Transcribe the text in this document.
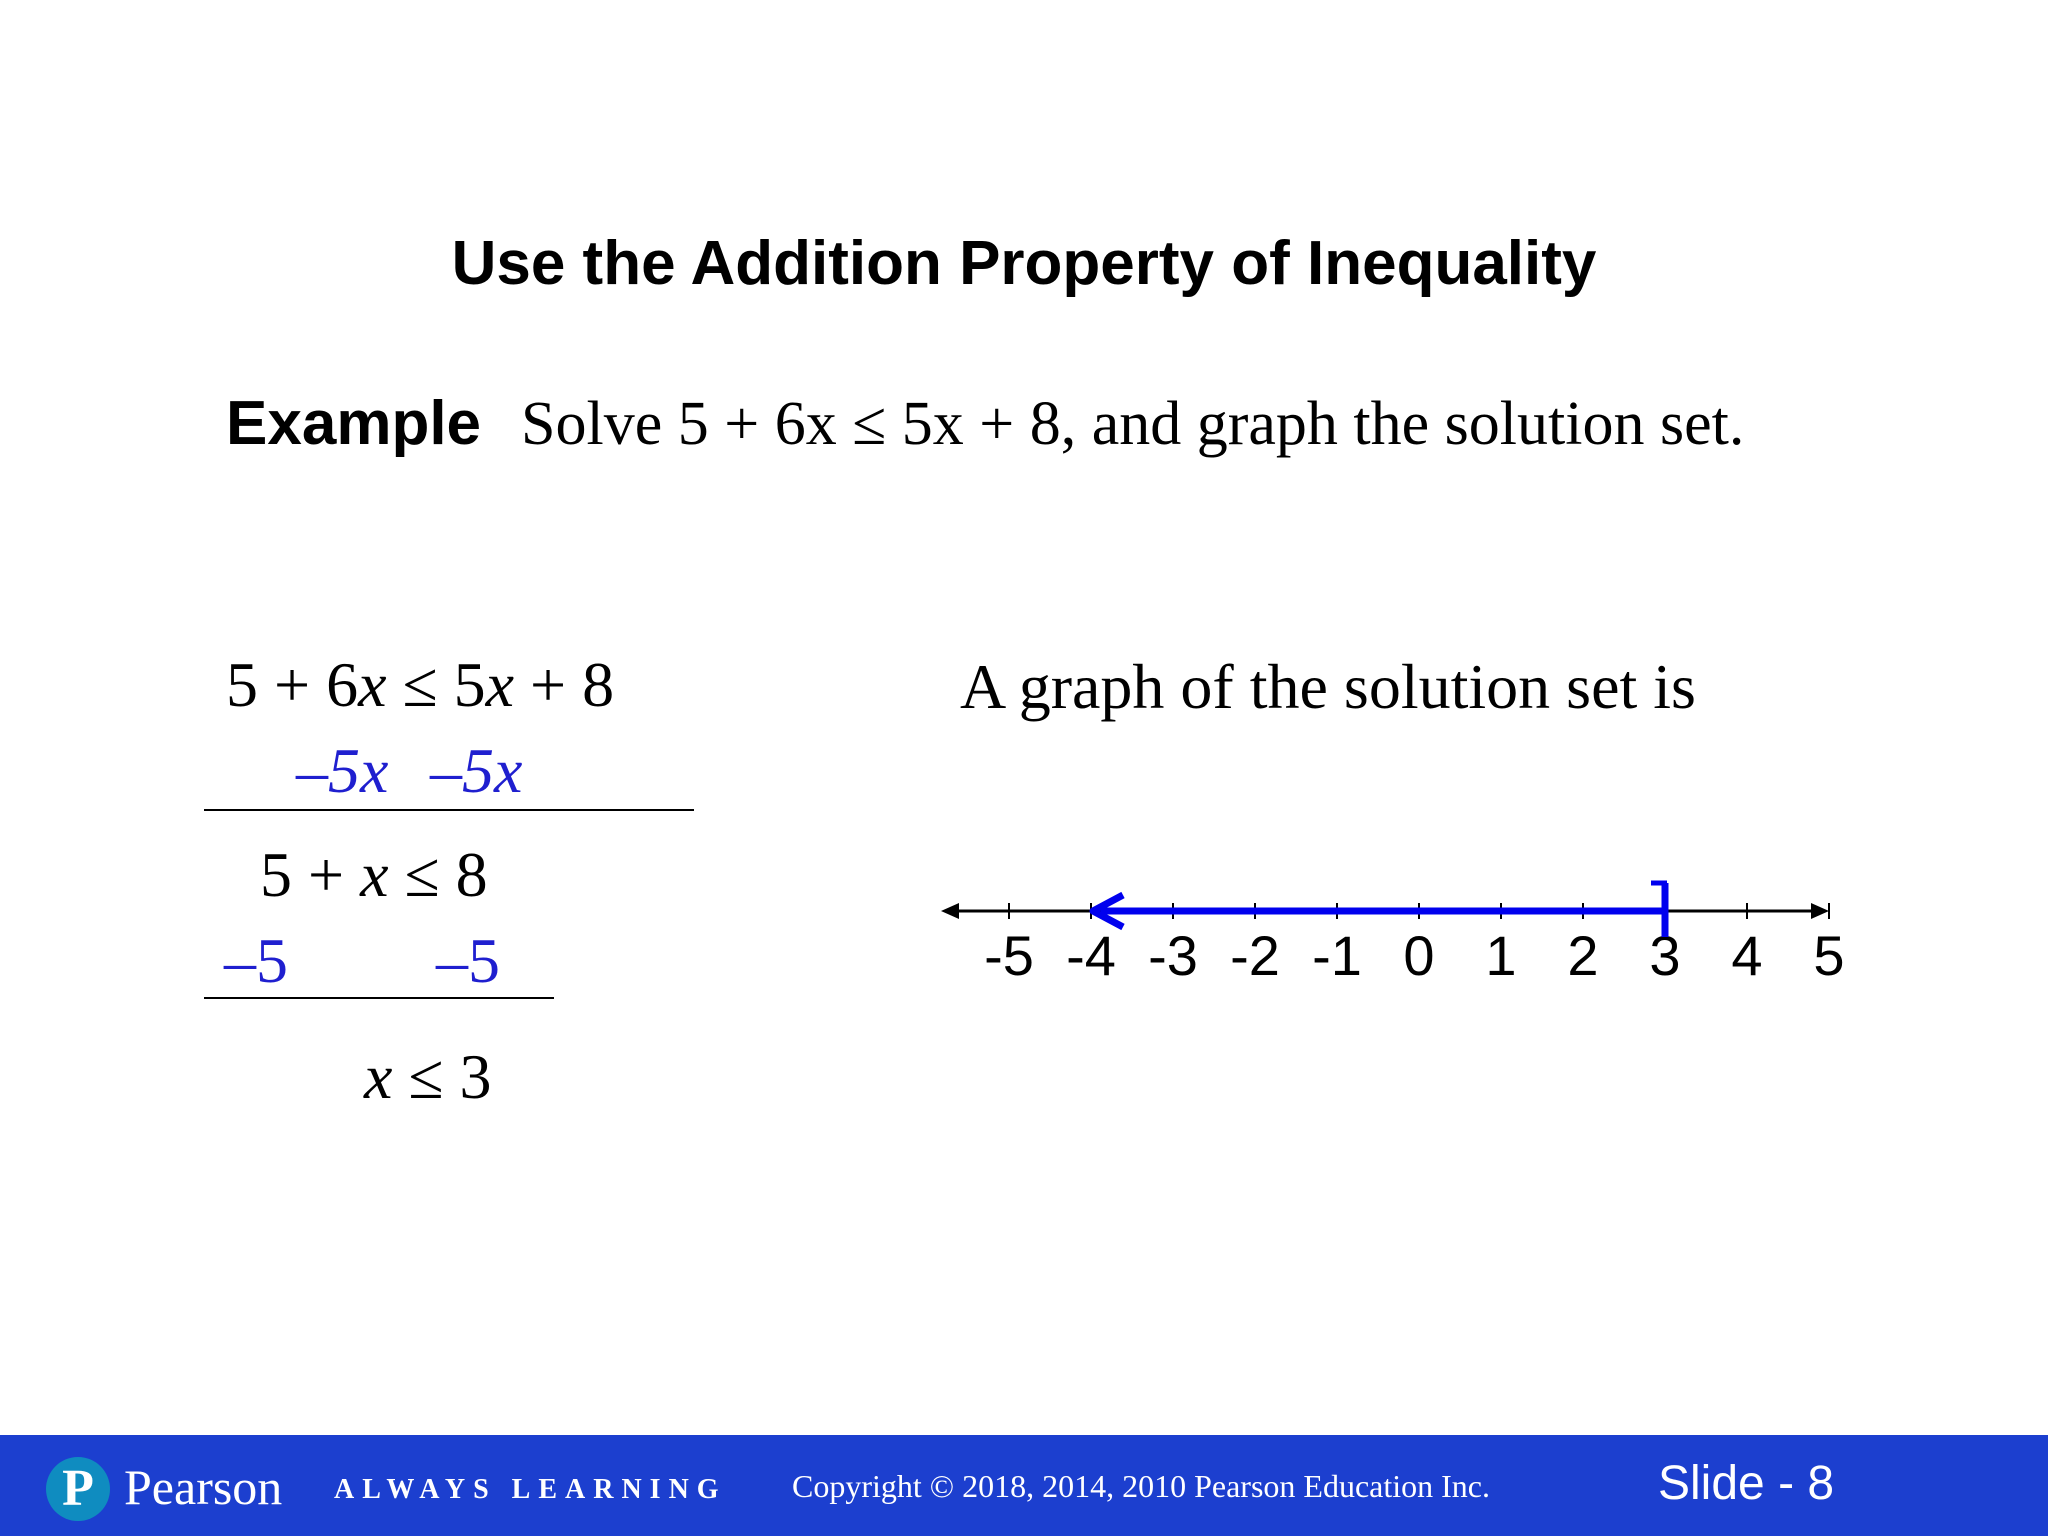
Use the Addition Property of Inequality
Example Solve 5 + 6x ≤ 5x + 8, and graph the solution set.
5 + 6x ≤ 5x + 8
–5x –5x
5 + x ≤ 8
–5 –5
x ≤ 3
A graph of the solution set is
-5 -4 -3 -2 -1 0 1 2 3 4 5
P Pearson ALWAYS LEARNING Copyright © 2018, 2014, 2010 Pearson Education Inc.	Slide - 8
